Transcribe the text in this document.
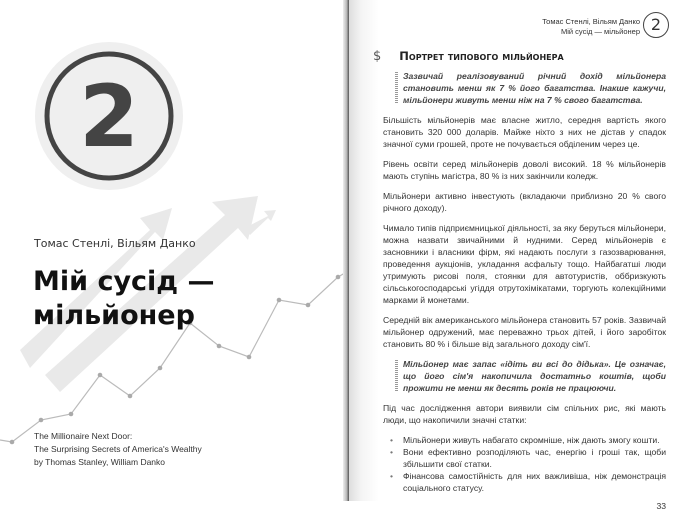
2
Томас Стенлі, Вільям Данко
Мій сусід —
мільйонер
The Millionaire Next Door:
The Surprising Secrets of America's Wealthy
by Thomas Stanley, William Danko
Томас Стенлі, Вільям Данко
Мій сусід — мільйонер 2
$ Портрет типового мільйонера
Зазвичай реалізовуваний річний дохід мільйонера становить менш як 7 % його багатства. Інакше кажучи, мільйонери живуть менш ніж на 7 % свого багатства.
Більшість мільйонерів має власне житло, середня вартість якого становить 320 000 доларів. Майже ніхто з них не дістав у спадок значної суми грошей, проте не почувається обділеним через це.
Рівень освіти серед мільйонерів доволі високий. 18 % мільйонерів мають ступінь магістра, 80 % із них закінчили коледж.
Мільйонери активно інвестують (вкладаючи приблизно 20 % свого річного доходу).
Чимало типів підприємницької діяльності, за яку беруться мільйонери, можна назвати звичайними й нудними. Серед мільйонерів є засновники і власники фірм, які надають послуги з газозварювання, проведення аукціонів, укладання асфальту тощо. Найбагатші люди утримують рисові поля, стоянки для автотуристів, оббризкують сільськогосподарські угіддя отрутохімікатами, торгують колекційними марками й монетами.
Середній вік американського мільйонера становить 57 років. Зазвичай мільйонер одружений, має переважно трьох дітей, і його заробіток становить 80 % і більше від загального доходу сім'ї.
Мільйонер має запас «ідіть ви всі до дідька». Це означає, що його сім'я накопичила достатньо коштів, щоби прожити не менш як десять років не працюючи.
Під час дослідження автори виявили сім спільних рис, які мають люди, що накопичили значні статки:
• Мільйонери живуть набагато скромніше, ніж дають змогу кошти.
• Вони ефективно розподіляють час, енергію і гроші так, щоби збільшити свої статки.
• Фінансова самостійність для них важливіша, ніж демонстрація соціального статусу.
33
